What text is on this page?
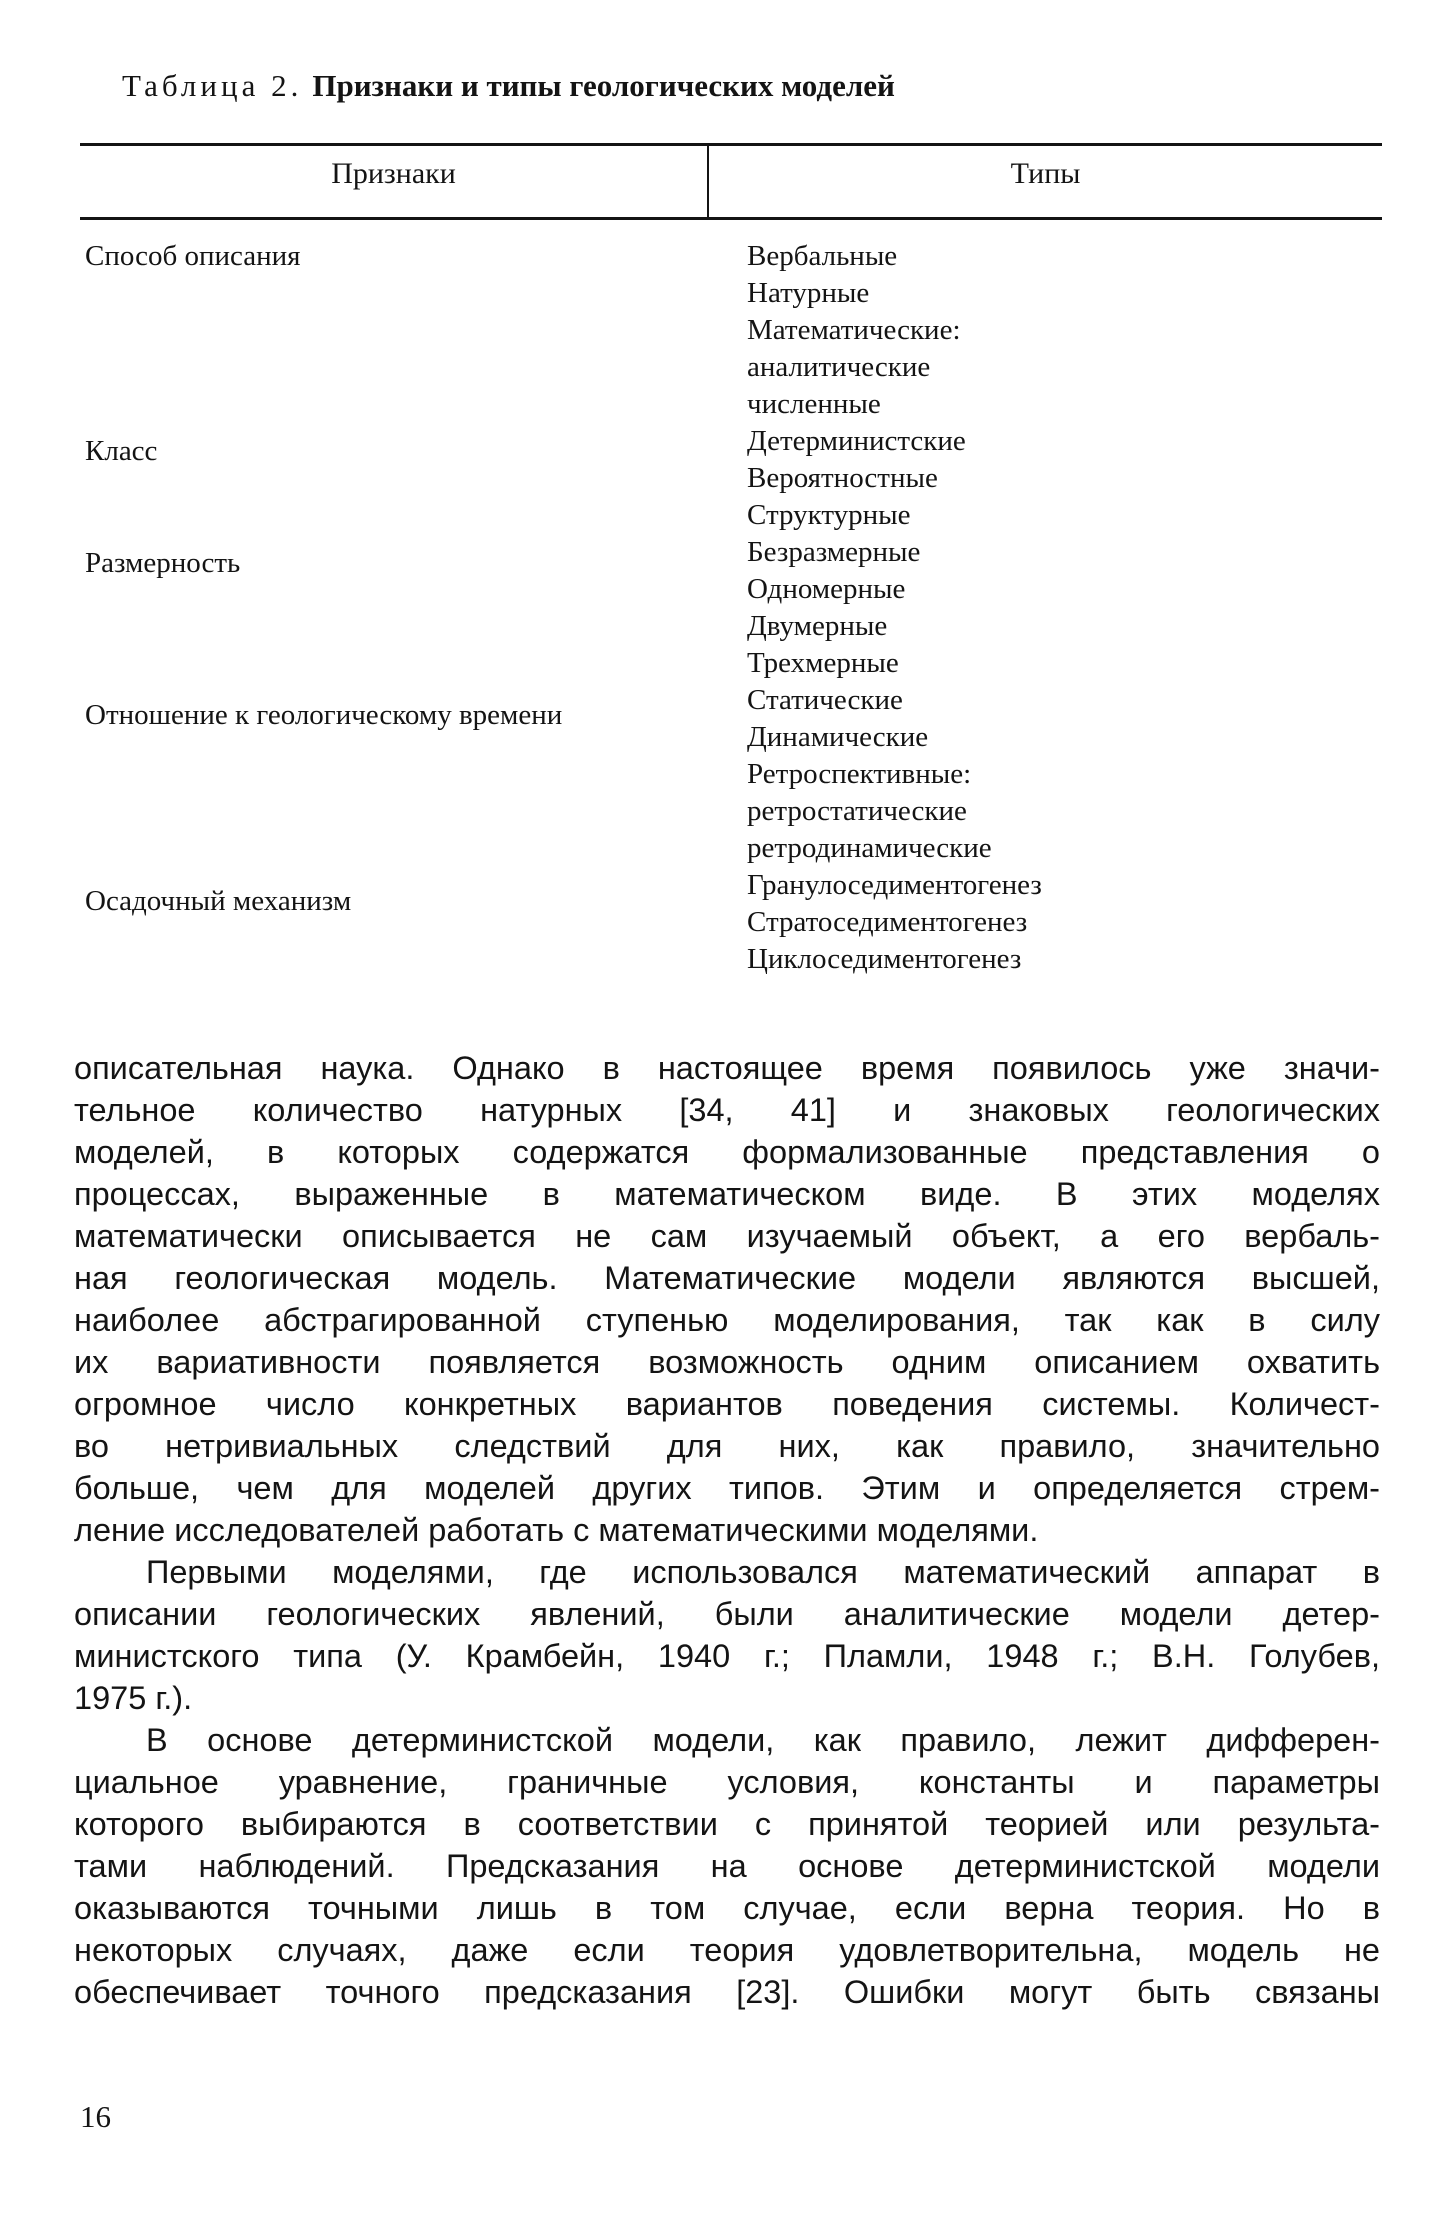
Таблица 2. Признаки и типы геологических моделей
Признаки	Типы
Способ описания
Класс
Размерность
Отношение к геологическому времени
Осадочный механизм
Вербальные
Натурные
Математические:
аналитические
численные
Детерминистские
Вероятностные
Структурные
Безразмерные
Одномерные
Двумерные
Трехмерные
Статические
Динамические
Ретроспективные:
ретростатические
ретродинамические
Гранулоседиментогенез
Стратоседиментогенез
Циклоседиментогенез
описательная наука. Однако в настоящее время появилось уже значи-
тельное количество натурных [34, 41] и знаковых геологических
моделей, в которых содержатся формализованные представления о
процессах, выраженные в математическом виде. В этих моделях
математически описывается не сам изучаемый объект, а его вербаль-
ная геологическая модель. Математические модели являются высшей,
наиболее абстрагированной ступенью моделирования, так как в силу
их вариативности появляется возможность одним описанием охватить
огромное число конкретных вариантов поведения системы. Количест-
во нетривиальных следствий для них, как правило, значительно
больше, чем для моделей других типов. Этим и определяется стрем-
ление исследователей работать с математическими моделями.
Первыми моделями, где использовался математический аппарат в
описании геологических явлений, были аналитические модели детер-
министского типа (У. Крамбейн, 1940 г.; Пламли, 1948 г.; В.Н. Голубев,
1975 г.).
В основе детерминистской модели, как правило, лежит дифферен-
циальное уравнение, граничные условия, константы и параметры
которого выбираются в соответствии с принятой теорией или результа-
тами наблюдений. Предсказания на основе детерминистской модели
оказываются точными лишь в том случае, если верна теория. Но в
некоторых случаях, даже если теория удовлетворительна, модель не
обеспечивает точного предсказания [23]. Ошибки могут быть связаны
16
